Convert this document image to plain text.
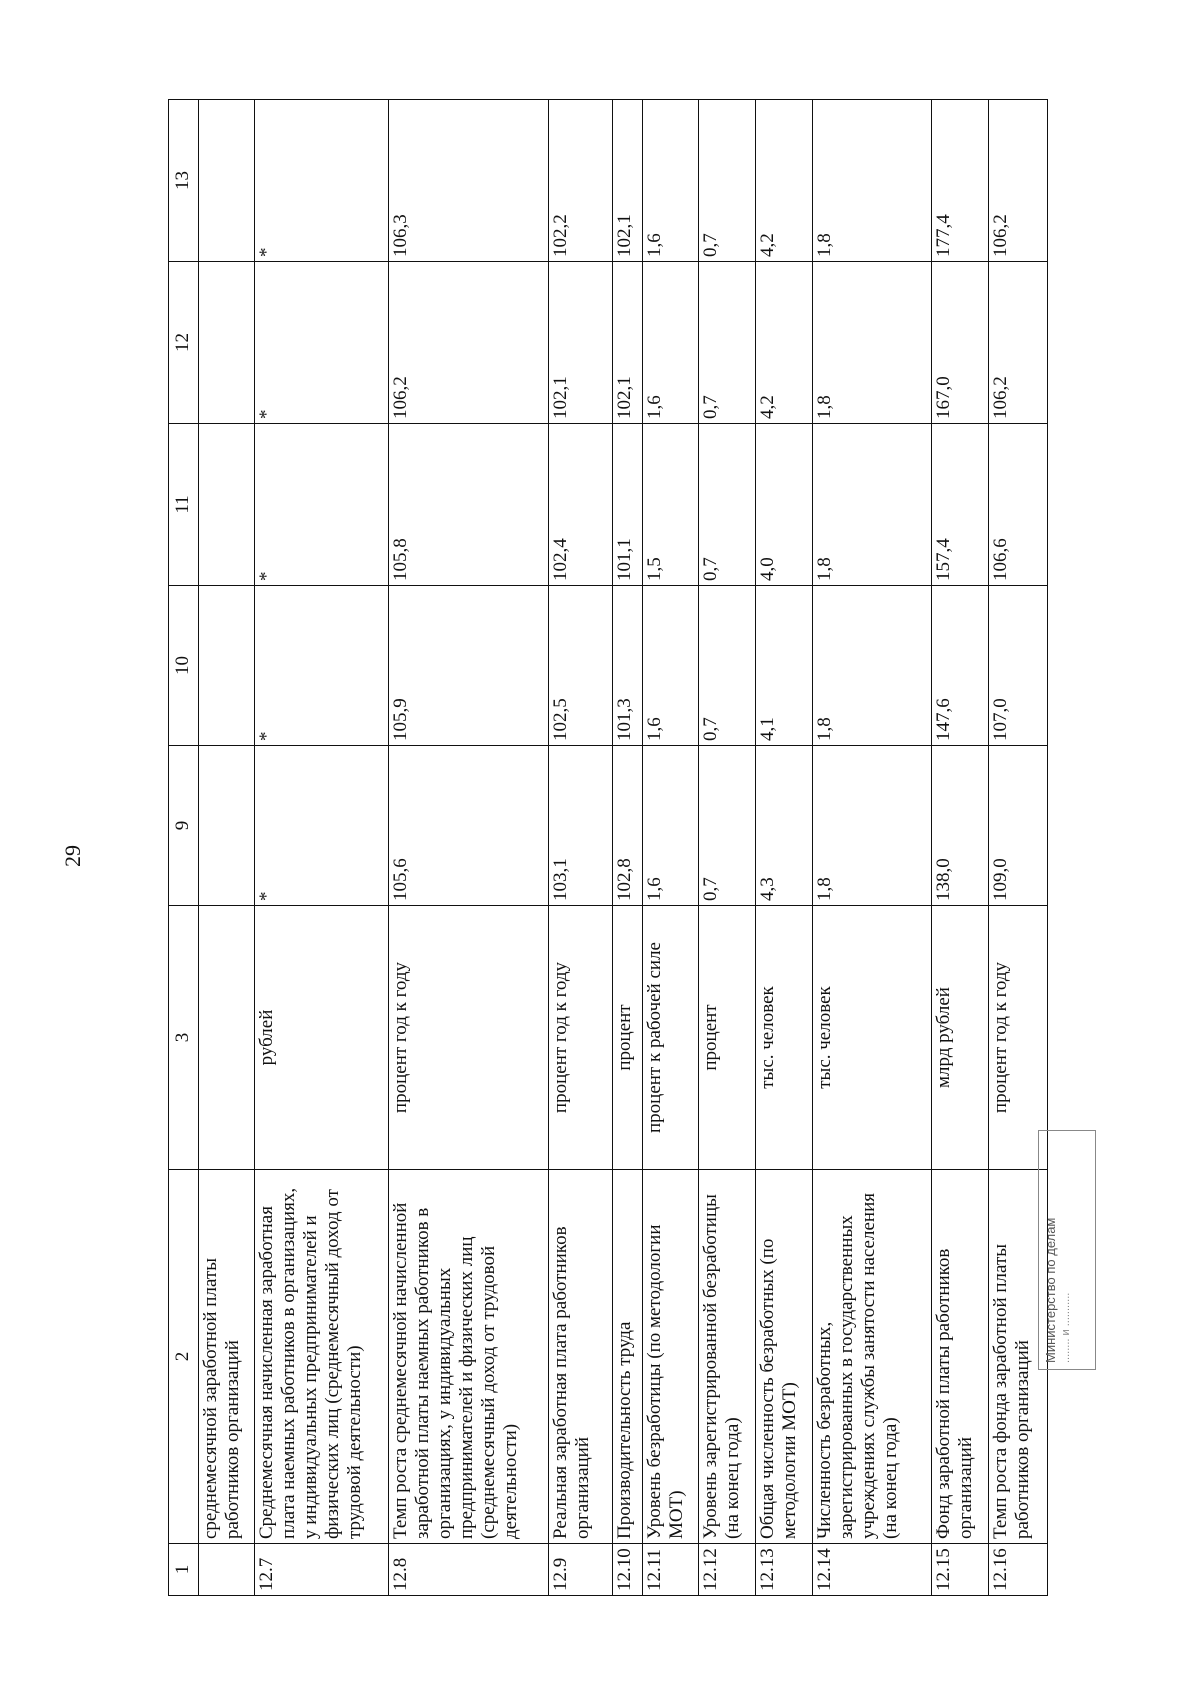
29
1	2	3	9	10	11	12	13
	среднемесячной заработной платы работников организаций						
12.7	Среднемесячная начисленная заработная плата наемных работников в организациях, у индивидуальных предпринимателей и физических лиц (среднемесячный доход от трудовой деятельности)	рублей	*	*	*	*	*
12.8	Темп роста среднемесячной начисленной заработной платы наемных работников в организациях, у индивидуальных предпринимателей и физических лиц (среднемесячный доход от трудовой деятельности)	процент год к году	105,6	105,9	105,8	106,2	106,3
12.9	Реальная заработная плата работников организаций	процент год к году	103,1	102,5	102,4	102,1	102,2
12.10	Производительность труда	процент	102,8	101,3	101,1	102,1	102,1
12.11	Уровень безработицы (по методологии МОТ)	процент к рабочей силе	1,6	1,6	1,5	1,6	1,6
12.12	Уровень зарегистрированной безработицы (на конец года)	процент	0,7	0,7	0,7	0,7	0,7
12.13	Общая численность безработных (по методологии МОТ)	тыс. человек	4,3	4,1	4,0	4,2	4,2
12.14	Численность безработных, зарегистрированных в государственных учреждениях службы занятости населения (на конец года)	тыс. человек	1,8	1,8	1,8	1,8	1,8
12.15	Фонд заработной платы работников организаций	млрд рублей	138,0	147,6	157,4	167,0	177,4
12.16	Темп роста фонда заработной платы работников организаций	процент год к году	109,0	107,0	106,6	106,2	106,2
Министерство по делам ........ и ...........
